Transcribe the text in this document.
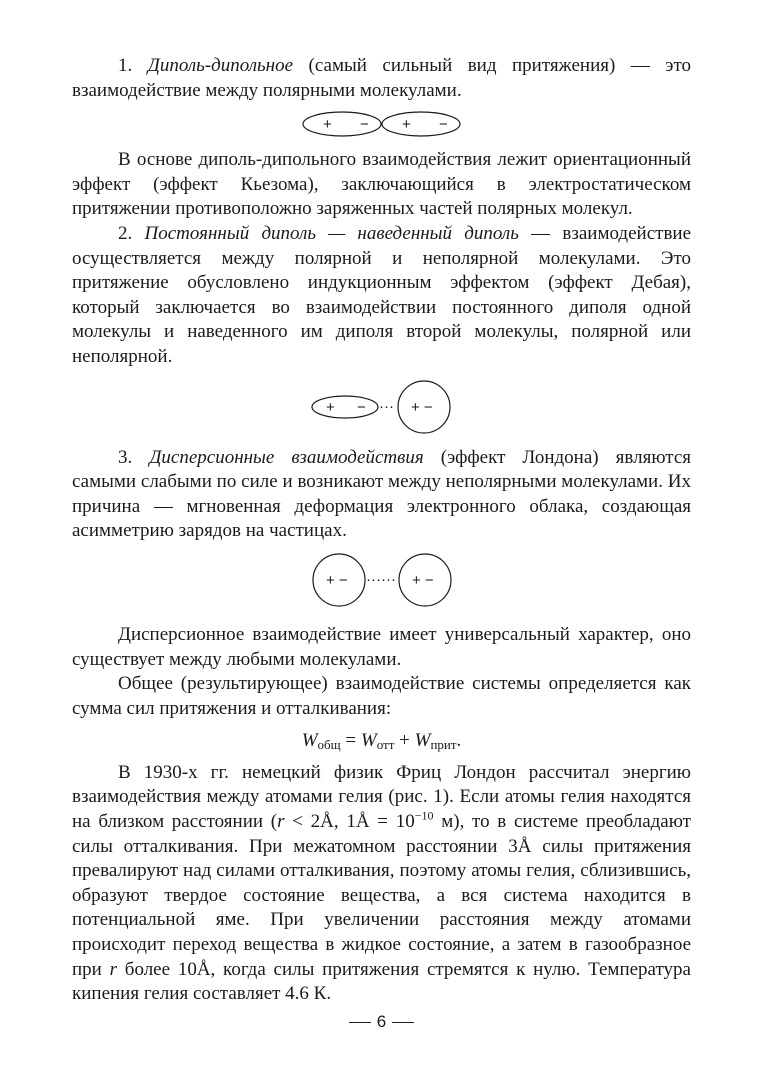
1. Диполь-дипольное (самый сильный вид притяжения) — это взаимодействие между полярными молекулами.

+ − + −

В основе диполь-дипольного взаимодействия лежит ориентационный эффект (эффект Кьезома), заключающийся в электростатическом притяжении противоположно заряженных частей полярных молекул.

2. Постоянный диполь — наведенный диполь — взаимодействие осуществляется между полярной и неполярной молекулами. Это притяжение обусловлено индукционным эффектом (эффект Дебая), который заключается во взаимодействии постоянного диполя одной молекулы и наведенного им диполя второй молекулы, полярной или неполярной.

+ − ··· + −

3. Дисперсионные взаимодействия (эффект Лондона) являются самыми слабыми по силе и возникают между неполярными молекулами. Их причина — мгновенная деформация электронного облака, создающая асимметрию зарядов на частицах.

+ − ······ + −

Дисперсионное взаимодействие имеет универсальный характер, оно существует между любыми молекулами.

Общее (результирующее) взаимодействие системы определяется как сумма сил притяжения и отталкивания:

$W_{общ} = W_{отт} + W_{прит}$.

В 1930-х гг. немецкий физик Фриц Лондон рассчитал энергию взаимодействия между атомами гелия (рис. 1). Если атомы гелия находятся на близком расстоянии (r < 2Å, 1Å = $10^{-10}$ м), то в системе преобладают силы отталкивания. При межатомном расстоянии 3Å силы притяжения превалируют над силами отталкивания, поэтому атомы гелия, сблизившись, образуют твердое состояние вещества, а вся система находится в потенциальной яме. При увеличении расстояния между атомами происходит переход вещества в жидкое состояние, а затем в газообразное при r более 10Å, когда силы притяжения стремятся к нулю. Температура кипения гелия составляет 4.6 К.

6
